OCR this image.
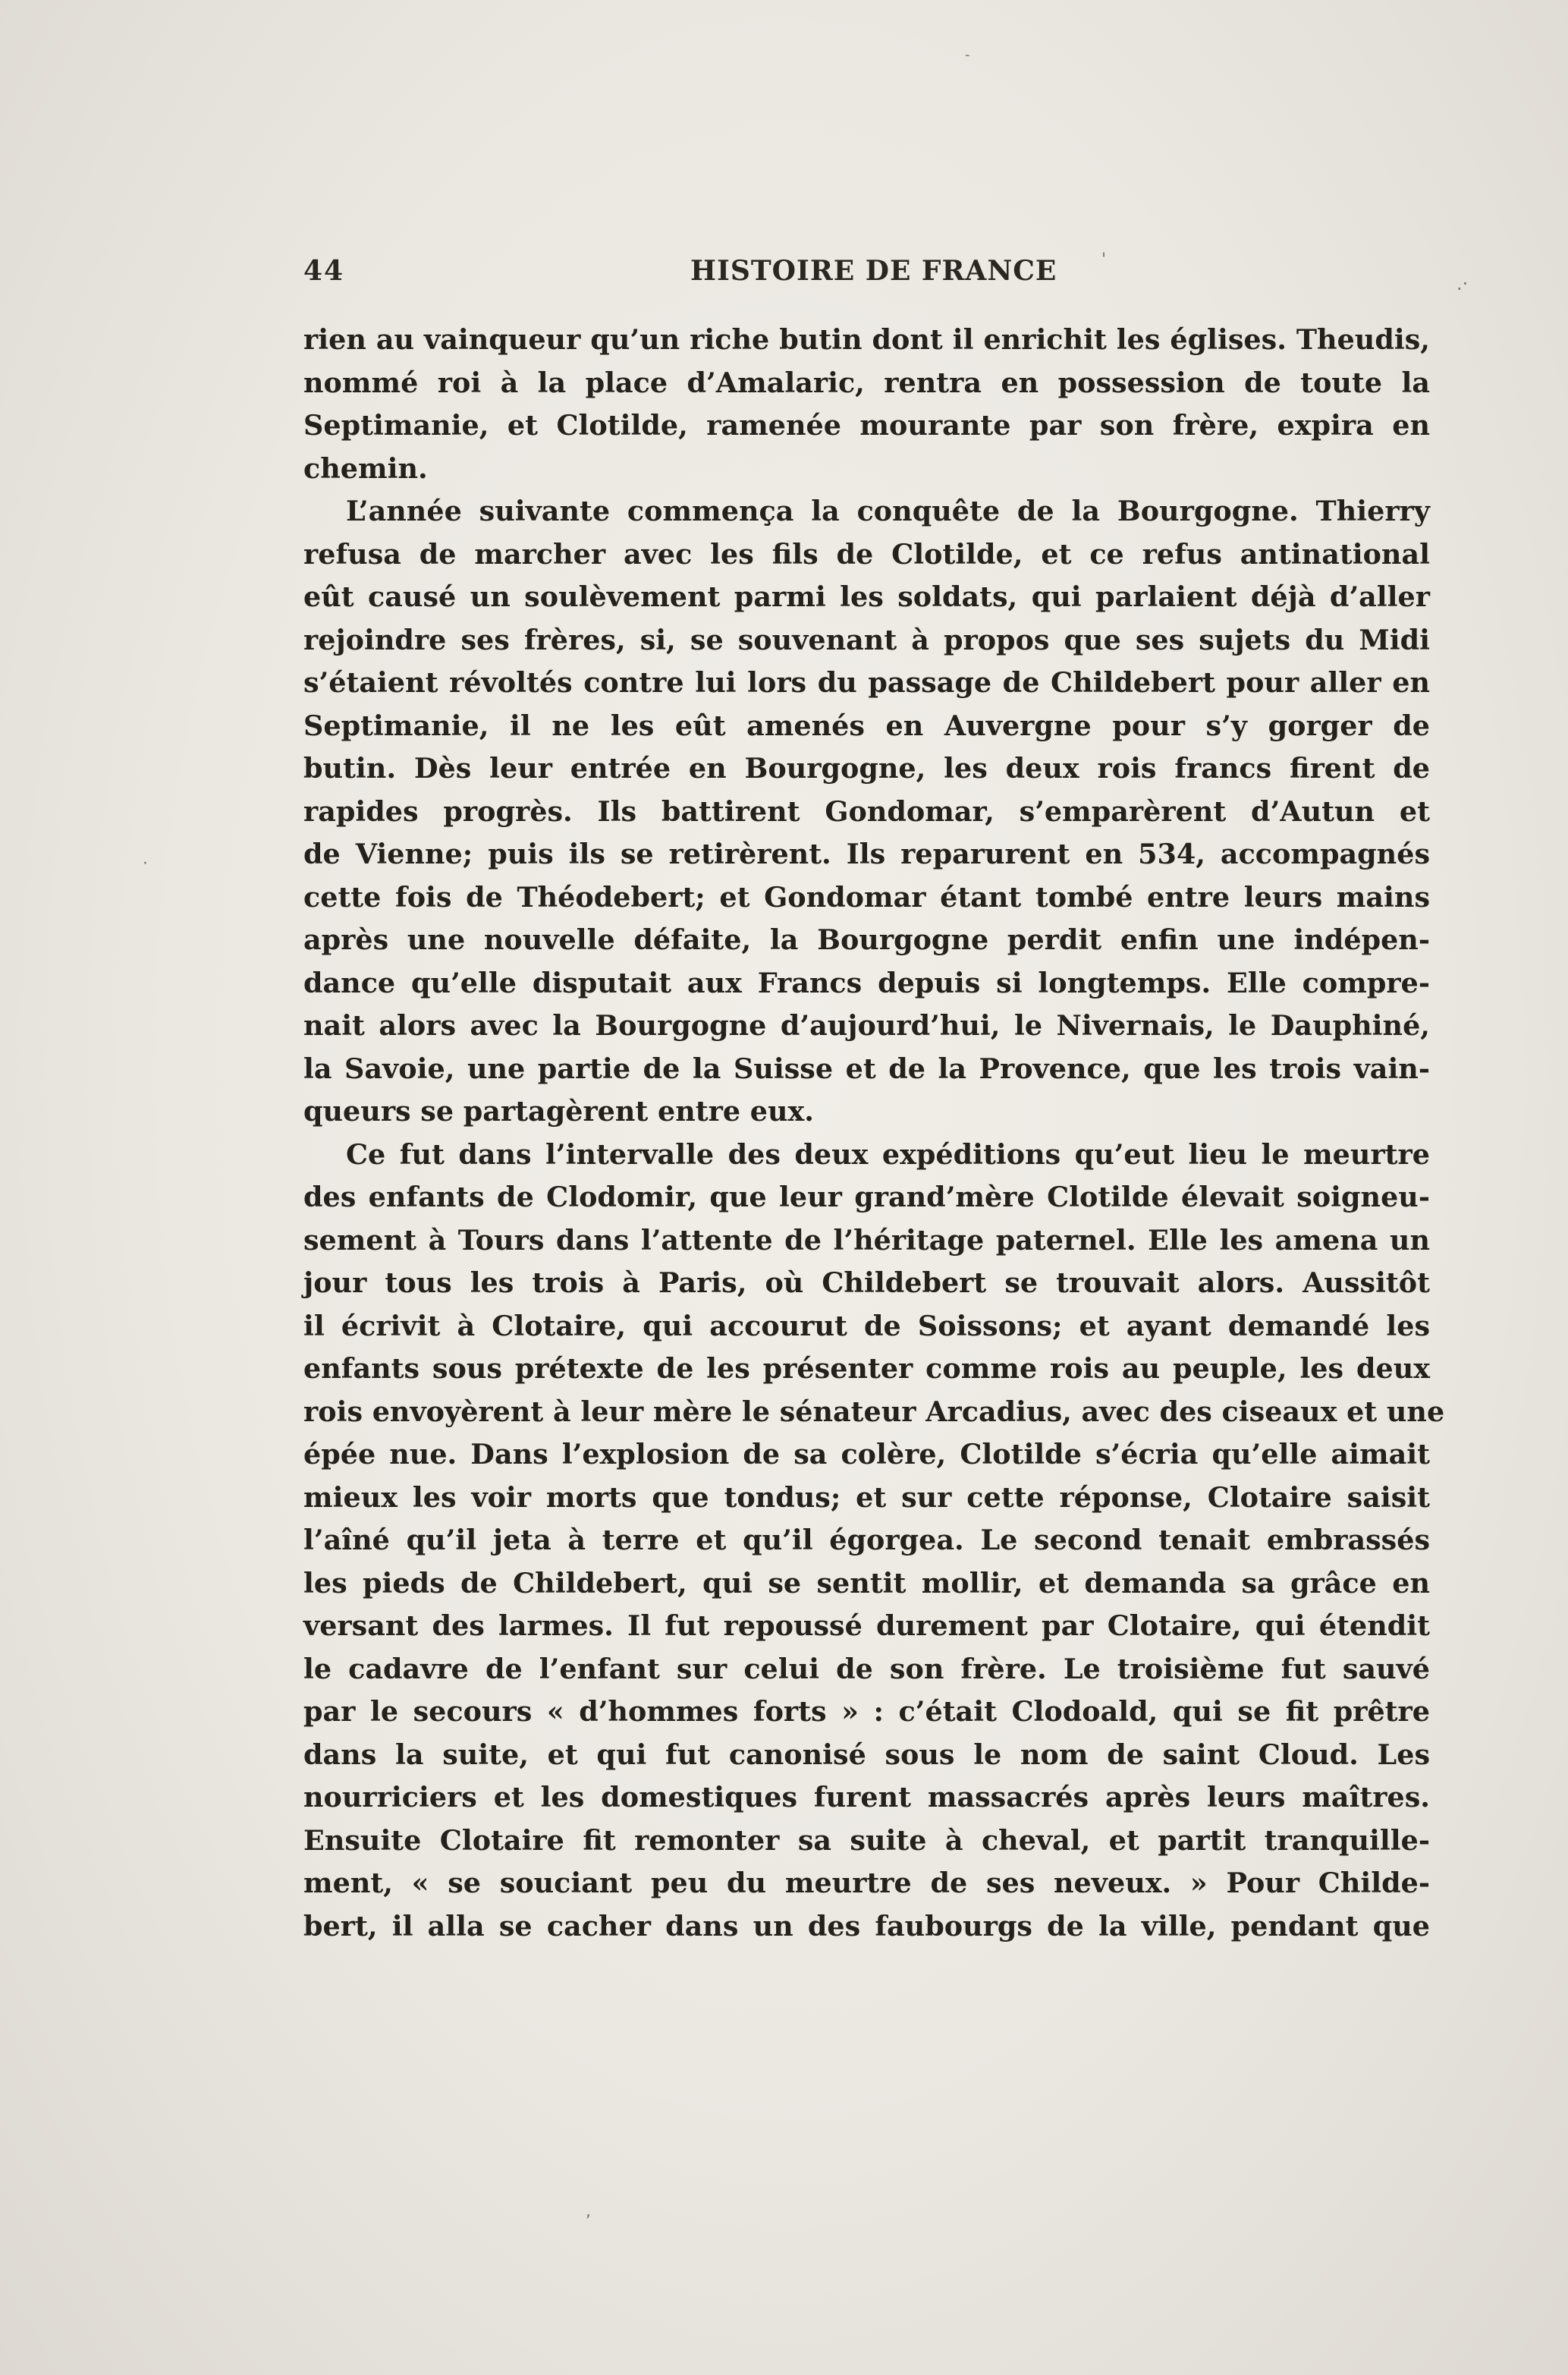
-
'
.·
·
,
44	HISTOIRE DE FRANCE

rien au vainqueur qu’un riche butin dont il enrichit les églises. Theudis,
nommé roi à la place d’Amalaric, rentra en possession de toute la
Septimanie, et Clotilde, ramenée mourante par son frère, expira en
chemin.

L’année suivante commença la conquête de la Bourgogne. Thierry
refusa de marcher avec les fils de Clotilde, et ce refus antinational
eût causé un soulèvement parmi les soldats, qui parlaient déjà d’aller
rejoindre ses frères, si, se souvenant à propos que ses sujets du Midi
s’étaient révoltés contre lui lors du passage de Childebert pour aller en
Septimanie, il ne les eût amenés en Auvergne pour s’y gorger de
butin. Dès leur entrée en Bourgogne, les deux rois francs firent de
rapides progrès. Ils battirent Gondomar, s’emparèrent d’Autun et
de Vienne; puis ils se retirèrent. Ils reparurent en 534, accompagnés
cette fois de Théodebert; et Gondomar étant tombé entre leurs mains
après une nouvelle défaite, la Bourgogne perdit enfin une indépen-
dance qu’elle disputait aux Francs depuis si longtemps. Elle compre-
nait alors avec la Bourgogne d’aujourd’hui, le Nivernais, le Dauphiné,
la Savoie, une partie de la Suisse et de la Provence, que les trois vain-
queurs se partagèrent entre eux.

Ce fut dans l’intervalle des deux expéditions qu’eut lieu le meurtre
des enfants de Clodomir, que leur grand’mère Clotilde élevait soigneu-
sement à Tours dans l’attente de l’héritage paternel. Elle les amena un
jour tous les trois à Paris, où Childebert se trouvait alors. Aussitôt
il écrivit à Clotaire, qui accourut de Soissons; et ayant demandé les
enfants sous prétexte de les présenter comme rois au peuple, les deux
rois envoyèrent à leur mère le sénateur Arcadius, avec des ciseaux et une
épée nue. Dans l’explosion de sa colère, Clotilde s’écria qu’elle aimait
mieux les voir morts que tondus; et sur cette réponse, Clotaire saisit
l’aîné qu’il jeta à terre et qu’il égorgea. Le second tenait embrassés
les pieds de Childebert, qui se sentit mollir, et demanda sa grâce en
versant des larmes. Il fut repoussé durement par Clotaire, qui étendit
le cadavre de l’enfant sur celui de son frère. Le troisième fut sauvé
par le secours « d’hommes forts » : c’était Clodoald, qui se fit prêtre
dans la suite, et qui fut canonisé sous le nom de saint Cloud. Les
nourriciers et les domestiques furent massacrés après leurs maîtres.
Ensuite Clotaire fit remonter sa suite à cheval, et partit tranquille-
ment, « se souciant peu du meurtre de ses neveux. » Pour Childe-
bert, il alla se cacher dans un des faubourgs de la ville, pendant que
